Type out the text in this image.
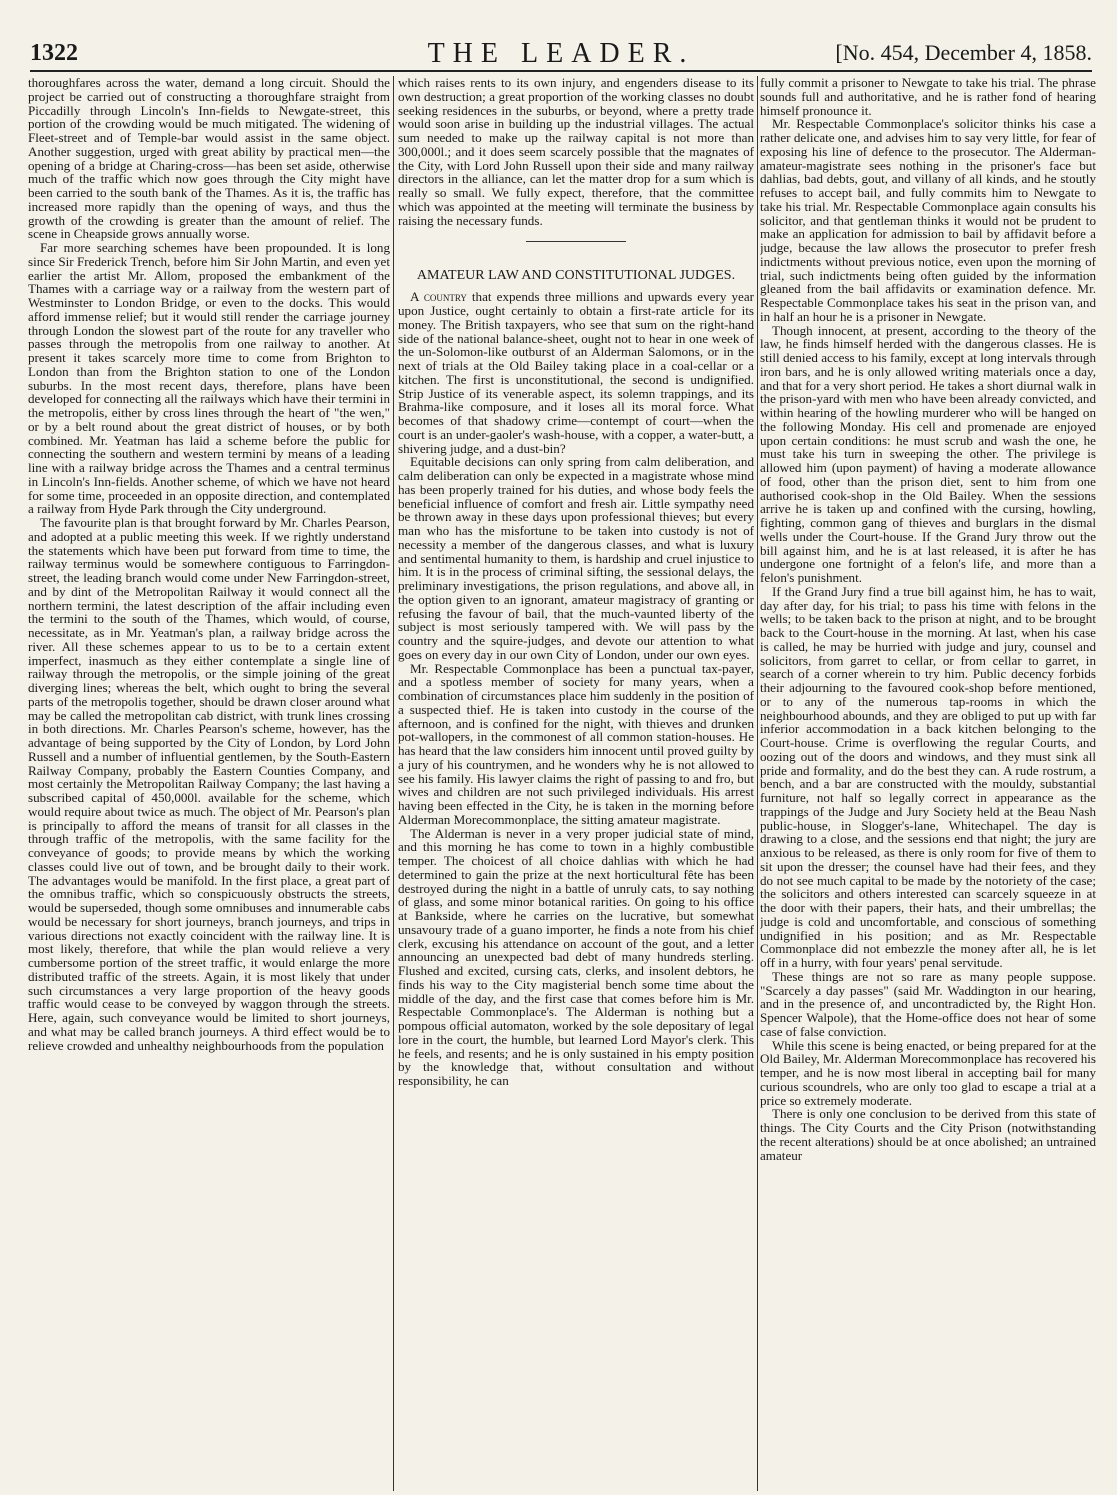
1322	THE LEADER.	[No. 454, December 4, 1858.

thoroughfares across the water, demand a long circuit. Should the project be carried out of constructing a thoroughfare straight from Piccadilly through Lincoln's Inn-fields to Newgate-street, this portion of the crowding would be much mitigated. The widening of Fleet-street and of Temple-bar would assist in the same object. Another suggestion, urged with great ability by practical men—the opening of a bridge at Charing-cross—has been set aside, otherwise much of the traffic which now goes through the City might have been carried to the south bank of the Thames. As it is, the traffic has increased more rapidly than the opening of ways, and thus the growth of the crowding is greater than the amount of relief. The scene in Cheapside grows annually worse.

Far more searching schemes have been propounded. It is long since Sir Frederick Trench, before him Sir John Martin, and even yet earlier the artist Mr. Allom, proposed the embankment of the Thames with a carriage way or a railway from the western part of Westminster to London Bridge, or even to the docks. This would afford immense relief; but it would still render the carriage journey through London the slowest part of the route for any traveller who passes through the metropolis from one railway to another. At present it takes scarcely more time to come from Brighton to London than from the Brighton station to one of the London suburbs. In the most recent days, therefore, plans have been developed for connecting all the railways which have their termini in the metropolis, either by cross lines through the heart of "the wen," or by a belt round about the great district of houses, or by both combined. Mr. Yeatman has laid a scheme before the public for connecting the southern and western termini by means of a leading line with a railway bridge across the Thames and a central terminus in Lincoln's Inn-fields. Another scheme, of which we have not heard for some time, proceeded in an opposite direction, and contemplated a railway from Hyde Park through the City underground.

The favourite plan is that brought forward by Mr. Charles Pearson, and adopted at a public meeting this week. If we rightly understand the statements which have been put forward from time to time, the railway terminus would be somewhere contiguous to Farringdon-street, the leading branch would come under New Farringdon-street, and by dint of the Metropolitan Railway it would connect all the northern termini, the latest description of the affair including even the termini to the south of the Thames, which would, of course, necessitate, as in Mr. Yeatman's plan, a railway bridge across the river. All these schemes appear to us to be to a certain extent imperfect, inasmuch as they either contemplate a single line of railway through the metropolis, or the simple joining of the great diverging lines; whereas the belt, which ought to bring the several parts of the metropolis together, should be drawn closer around what may be called the metropolitan cab district, with trunk lines crossing in both directions. Mr. Charles Pearson's scheme, however, has the advantage of being supported by the City of London, by Lord John Russell and a number of influential gentlemen, by the South-Eastern Railway Company, probably the Eastern Counties Company, and most certainly the Metropolitan Railway Company; the last having a subscribed capital of 450,000l. available for the scheme, which would require about twice as much. The object of Mr. Pearson's plan is principally to afford the means of transit for all classes in the through traffic of the metropolis, with the same facility for the conveyance of goods; to provide means by which the working classes could live out of town, and be brought daily to their work. The advantages would be manifold. In the first place, a great part of the omnibus traffic, which so conspicuously obstructs the streets, would be superseded, though some omnibuses and innumerable cabs would be necessary for short journeys, branch journeys, and trips in various directions not exactly coincident with the railway line. It is most likely, therefore, that while the plan would relieve a very cumbersome portion of the street traffic, it would enlarge the more distributed traffic of the streets. Again, it is most likely that under such circumstances a very large proportion of the heavy goods traffic would cease to be conveyed by waggon through the streets. Here, again, such conveyance would be limited to short journeys, and what may be called branch journeys. A third effect would be to relieve crowded and unhealthy neighbourhoods from the population

which raises rents to its own injury, and engenders disease to its own destruction; a great proportion of the working classes no doubt seeking residences in the suburbs, or beyond, where a pretty trade would soon arise in building up the industrial villages. The actual sum needed to make up the railway capital is not more than 300,000l.; and it does seem scarcely possible that the magnates of the City, with Lord John Russell upon their side and many railway directors in the alliance, can let the matter drop for a sum which is really so small. We fully expect, therefore, that the committee which was appointed at the meeting will terminate the business by raising the necessary funds.

AMATEUR LAW AND CONSTITUTIONAL JUDGES.

A country that expends three millions and upwards every year upon Justice, ought certainly to obtain a first-rate article for its money. The British taxpayers, who see that sum on the right-hand side of the national balance-sheet, ought not to hear in one week of the un-Solomon-like outburst of an Alderman Salomons, or in the next of trials at the Old Bailey taking place in a coal-cellar or a kitchen. The first is unconstitutional, the second is undignified. Strip Justice of its venerable aspect, its solemn trappings, and its Brahma-like composure, and it loses all its moral force. What becomes of that shadowy crime—contempt of court—when the court is an under-gaoler's wash-house, with a copper, a water-butt, a shivering judge, and a dust-bin?

Equitable decisions can only spring from calm deliberation, and calm deliberation can only be expected in a magistrate whose mind has been properly trained for his duties, and whose body feels the beneficial influence of comfort and fresh air. Little sympathy need be thrown away in these days upon professional thieves; but every man who has the misfortune to be taken into custody is not of necessity a member of the dangerous classes, and what is luxury and sentimental humanity to them, is hardship and cruel injustice to him. It is in the process of criminal sifting, the sessional delays, the preliminary investigations, the prison regulations, and above all, in the option given to an ignorant, amateur magistracy of granting or refusing the favour of bail, that the much-vaunted liberty of the subject is most seriously tampered with. We will pass by the country and the squire-judges, and devote our attention to what goes on every day in our own City of London, under our own eyes.

Mr. Respectable Commonplace has been a punctual tax-payer, and a spotless member of society for many years, when a combination of circumstances place him suddenly in the position of a suspected thief. He is taken into custody in the course of the afternoon, and is confined for the night, with thieves and drunken pot-wallopers, in the commonest of all common station-houses. He has heard that the law considers him innocent until proved guilty by a jury of his countrymen, and he wonders why he is not allowed to see his family. His lawyer claims the right of passing to and fro, but wives and children are not such privileged individuals. His arrest having been effected in the City, he is taken in the morning before Alderman Morecommonplace, the sitting amateur magistrate.

The Alderman is never in a very proper judicial state of mind, and this morning he has come to town in a highly combustible temper. The choicest of all choice dahlias with which he had determined to gain the prize at the next horticultural fête has been destroyed during the night in a battle of unruly cats, to say nothing of glass, and some minor botanical rarities. On going to his office at Bankside, where he carries on the lucrative, but somewhat unsavoury trade of a guano importer, he finds a note from his chief clerk, excusing his attendance on account of the gout, and a letter announcing an unexpected bad debt of many hundreds sterling. Flushed and excited, cursing cats, clerks, and insolent debtors, he finds his way to the City magisterial bench some time about the middle of the day, and the first case that comes before him is Mr. Respectable Commonplace's. The Alderman is nothing but a pompous official automaton, worked by the sole depositary of legal lore in the court, the humble, but learned Lord Mayor's clerk. This he feels, and resents; and he is only sustained in his empty position by the knowledge that, without consultation and without responsibility, he can

fully commit a prisoner to Newgate to take his trial. The phrase sounds full and authoritative, and he is rather fond of hearing himself pronounce it.

Mr. Respectable Commonplace's solicitor thinks his case a rather delicate one, and advises him to say very little, for fear of exposing his line of defence to the prosecutor. The Alderman-amateur-magistrate sees nothing in the prisoner's face but dahlias, bad debts, gout, and villany of all kinds, and he stoutly refuses to accept bail, and fully commits him to Newgate to take his trial. Mr. Respectable Commonplace again consults his solicitor, and that gentleman thinks it would not be prudent to make an application for admission to bail by affidavit before a judge, because the law allows the prosecutor to prefer fresh indictments without previous notice, even upon the morning of trial, such indictments being often guided by the information gleaned from the bail affidavits or examination defence. Mr. Respectable Commonplace takes his seat in the prison van, and in half an hour he is a prisoner in Newgate.

Though innocent, at present, according to the theory of the law, he finds himself herded with the dangerous classes. He is still denied access to his family, except at long intervals through iron bars, and he is only allowed writing materials once a day, and that for a very short period. He takes a short diurnal walk in the prison-yard with men who have been already convicted, and within hearing of the howling murderer who will be hanged on the following Monday. His cell and promenade are enjoyed upon certain conditions: he must scrub and wash the one, he must take his turn in sweeping the other. The privilege is allowed him (upon payment) of having a moderate allowance of food, other than the prison diet, sent to him from one authorised cook-shop in the Old Bailey. When the sessions arrive he is taken up and confined with the cursing, howling, fighting, common gang of thieves and burglars in the dismal wells under the Court-house. If the Grand Jury throw out the bill against him, and he is at last released, it is after he has undergone one fortnight of a felon's life, and more than a felon's punishment.

If the Grand Jury find a true bill against him, he has to wait, day after day, for his trial; to pass his time with felons in the wells; to be taken back to the prison at night, and to be brought back to the Court-house in the morning. At last, when his case is called, he may be hurried with judge and jury, counsel and solicitors, from garret to cellar, or from cellar to garret, in search of a corner wherein to try him. Public decency forbids their adjourning to the favoured cook-shop before mentioned, or to any of the numerous tap-rooms in which the neighbourhood abounds, and they are obliged to put up with far inferior accommodation in a back kitchen belonging to the Court-house. Crime is overflowing the regular Courts, and oozing out of the doors and windows, and they must sink all pride and formality, and do the best they can. A rude rostrum, a bench, and a bar are constructed with the mouldy, substantial furniture, not half so legally correct in appearance as the trappings of the Judge and Jury Society held at the Beau Nash public-house, in Slogger's-lane, Whitechapel. The day is drawing to a close, and the sessions end that night; the jury are anxious to be released, as there is only room for five of them to sit upon the dresser; the counsel have had their fees, and they do not see much capital to be made by the notoriety of the case; the solicitors and others interested can scarcely squeeze in at the door with their papers, their hats, and their umbrellas; the judge is cold and uncomfortable, and conscious of something undignified in his position; and as Mr. Respectable Commonplace did not embezzle the money after all, he is let off in a hurry, with four years' penal servitude.

These things are not so rare as many people suppose. "Scarcely a day passes" (said Mr. Waddington in our hearing, and in the presence of, and uncontradicted by, the Right Hon. Spencer Walpole), that the Home-office does not hear of some case of false conviction.

While this scene is being enacted, or being prepared for at the Old Bailey, Mr. Alderman Morecommonplace has recovered his temper, and he is now most liberal in accepting bail for many curious scoundrels, who are only too glad to escape a trial at a price so extremely moderate.

There is only one conclusion to be derived from this state of things. The City Courts and the City Prison (notwithstanding the recent alterations) should be at once abolished; an untrained amateur
